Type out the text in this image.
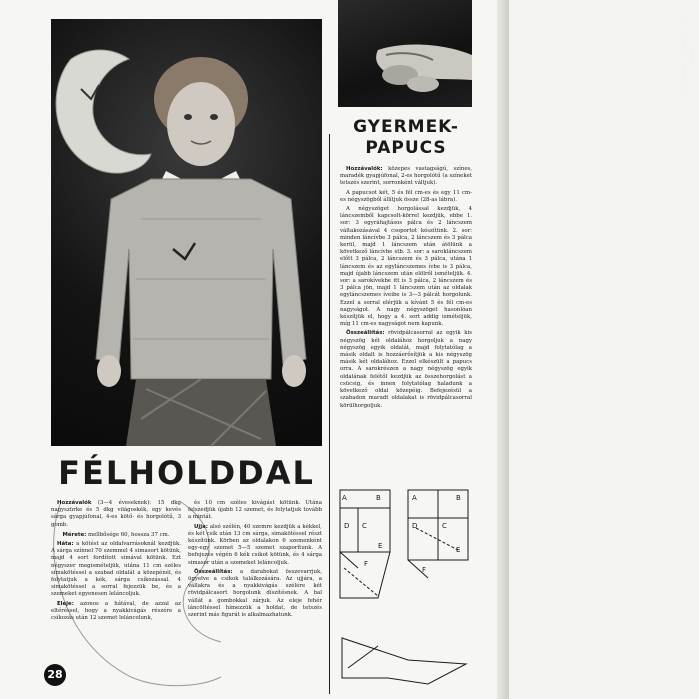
Színesben láthatók a 4. oldalon
GYERMEK-
PAPUCS

Hozzávalók: közepes vastagságú, színes, maradék gyapjúfonal, 2-es horgolótű (a színeket tetszés szerint, sorronként váltjuk).

A papucsot két, 5 és fél cm-es és egy 11 cm-es négyszögből állítjuk össze (28-as lábra).

A négyszöget horgolással kezdjük, 4 láncszemből kapcsolt-körrel kezdjük, ebbe 1. sor: 3 egyráhajtásos pálca és 2 láncszem váltakozásával 4 csoportot készítünk. 2. sor: minden láncívbe 3 pálca, 2 láncszem és 3 pálca kerül, majd 1 láncszem után átölünk a következő láncívbe stb. 3. sor: a sarokláncszem előtt 3 pálca, 2 láncszem és 3 pálca, utána 1 láncszem és az egyláncszemes ívbe is 3 pálca, majd újabb láncszem után elölről ismételjük. 4. sor: a sarokívekbe itt is 3 pálca, 2 láncszem és 3 pálca jön, majd 1 láncszem után az oldalak egyláncszemes íveibe is 3—3 pálcát horgolunk. Ezzel a sorral elérjük a kívánt 5 és fél cm-es nagyságot. A nagy négyszöget hasonlóan készítjük el, hogy a 4. sort addig ismételjük, míg 11 cm-es nagyságot nem kapunk.

Összeállítás: rövidpálcasorral az egyik kis négyszög két oldalához horgoljuk a nagy négyszög egyik oldalát, majd folytatólag a másik oldalt is hozzáerősítjük a kis négyszög másik két oldalához. Ezzel elkészült a papucs orra. A sarokrészen a nagy négyszög egyik oldalának felétől kezdjük az összehorgolást a csücsig, és innen folytatólag haladunk a következő oldal közepéig. Befejezésül a szabadon maradt oldalakat is rövidpálcasorral körülhorgoljuk.

A	B
C
D
E
F
A	B
C
D
E
F
FÉLHOLDDAL

Hozzávalók (3—4 éveseknek): 15 dkg nagyszürke és 5 dkg világoskék, egy kevés sárga gyapjúfonal, 4-es kötő- és horgolótű, 3 gomb.

Mérete: mellbősége 60, hossza 37 cm.

Háta: a kötést az oldalvarrásoknál kezdjük. A sárga színnel 70 szemmel 4 simasort kötünk, majd 4 sort fordított simával kötünk. Ezt négyszer megismételjük, utána 11 cm széles simakötéssel a szabad oldalát a közepénél, és folytatjuk a kék, sárga csíkozással. 4 simakötéssel a sorral fejezzük be, és a szemeket egyenesen leláncoljuk.

Eleje: azonos a hátával, de azzal az eltéréssel, hogy a nyakkivágás részére a csíkozás után 12 szemet leláncolunk,

és 10 cm széles kivágást kötünk. Utána felszedjük újabb 12 szemet, és folytatjuk tovább a mintát.

Ujja: alsó szélén, 40 szemre kezdjük a kékkel, és két csík után 13 cm sárga, simakötéssel részt készítünk. Körben az oldalakon 6 szemenként egy-egy szemet 5—5 szemet szaporítunk. A befejezés végén 6 kék csíkot kötünk, és 4 sárga simasor után a szemeket leláncoljuk.

Összeállítás: a darabokat összevarrjuk, ügyelve a csíkok találkozására. Az ujjára, a vállakra és a nyakkivágás szélére két rövidpálcasort horgolunk díszítésnek. A bal vállát a gombokkal zárjuk. Az eleje fehér láncöltéssel hímezzük a holdat, de tetszés szerint más figurát is alkalmazhatunk.

28
